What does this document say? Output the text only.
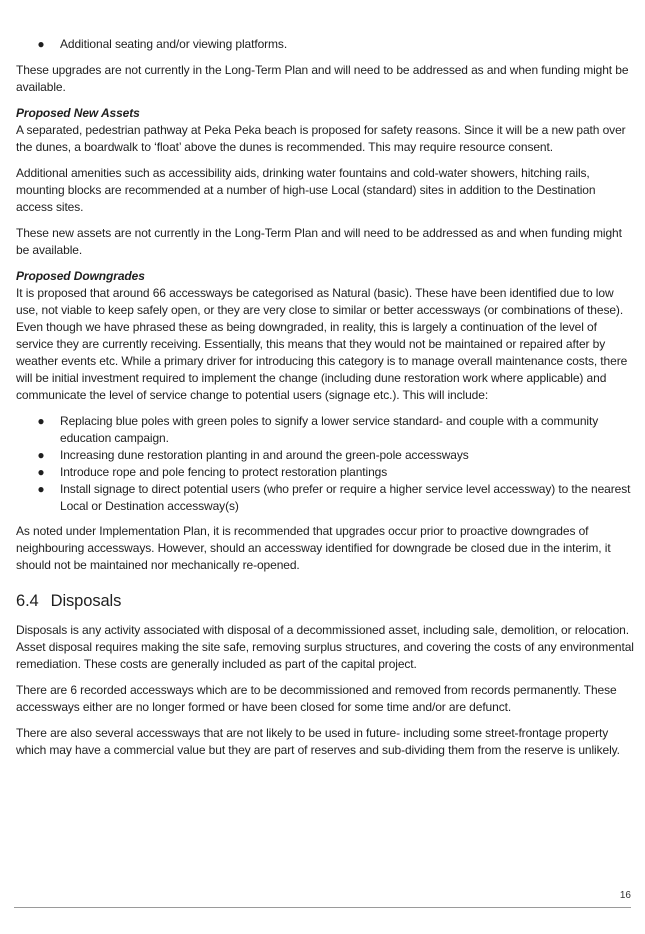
● Additional seating and/or viewing platforms.

These upgrades are not currently in the Long-Term Plan and will need to be addressed as and when funding might be available.

Proposed New Assets

A separated, pedestrian pathway at Peka Peka beach is proposed for safety reasons. Since it will be a new path over the dunes, a boardwalk to ‘float’ above the dunes is recommended. This may require resource consent.

Additional amenities such as accessibility aids, drinking water fountains and cold-water showers, hitching rails, mounting blocks are recommended at a number of high-use Local (standard) sites in addition to the Destination access sites.

These new assets are not currently in the Long-Term Plan and will need to be addressed as and when funding might be available.

Proposed Downgrades

It is proposed that around 66 accessways be categorised as Natural (basic). These have been identified due to low use, not viable to keep safely open, or they are very close to similar or better accessways (or combinations of these). Even though we have phrased these as being downgraded, in reality, this is largely a continuation of the level of service they are currently receiving. Essentially, this means that they would not be maintained or repaired after by weather events etc. While a primary driver for introducing this category is to manage overall maintenance costs, there will be initial investment required to implement the change (including dune restoration work where applicable) and communicate the level of service change to potential users (signage etc.). This will include:

● Replacing blue poles with green poles to signify a lower service standard- and couple with a community education campaign.
● Increasing dune restoration planting in and around the green-pole accessways
● Introduce rope and pole fencing to protect restoration plantings
● Install signage to direct potential users (who prefer or require a higher service level accessway) to the nearest Local or Destination accessway(s)

As noted under Implementation Plan, it is recommended that upgrades occur prior to proactive downgrades of neighbouring accessways. However, should an accessway identified for downgrade be closed due in the interim, it should not be maintained nor mechanically re-opened.

6.4 Disposals

Disposals is any activity associated with disposal of a decommissioned asset, including sale, demolition, or relocation. Asset disposal requires making the site safe, removing surplus structures, and covering the costs of any environmental remediation. These costs are generally included as part of the capital project.

There are 6 recorded accessways which are to be decommissioned and removed from records permanently. These accessways either are no longer formed or have been closed for some time and/or are defunct.

There are also several accessways that are not likely to be used in future- including some street-frontage property which may have a commercial value but they are part of reserves and sub-dividing them from the reserve is unlikely.

16
